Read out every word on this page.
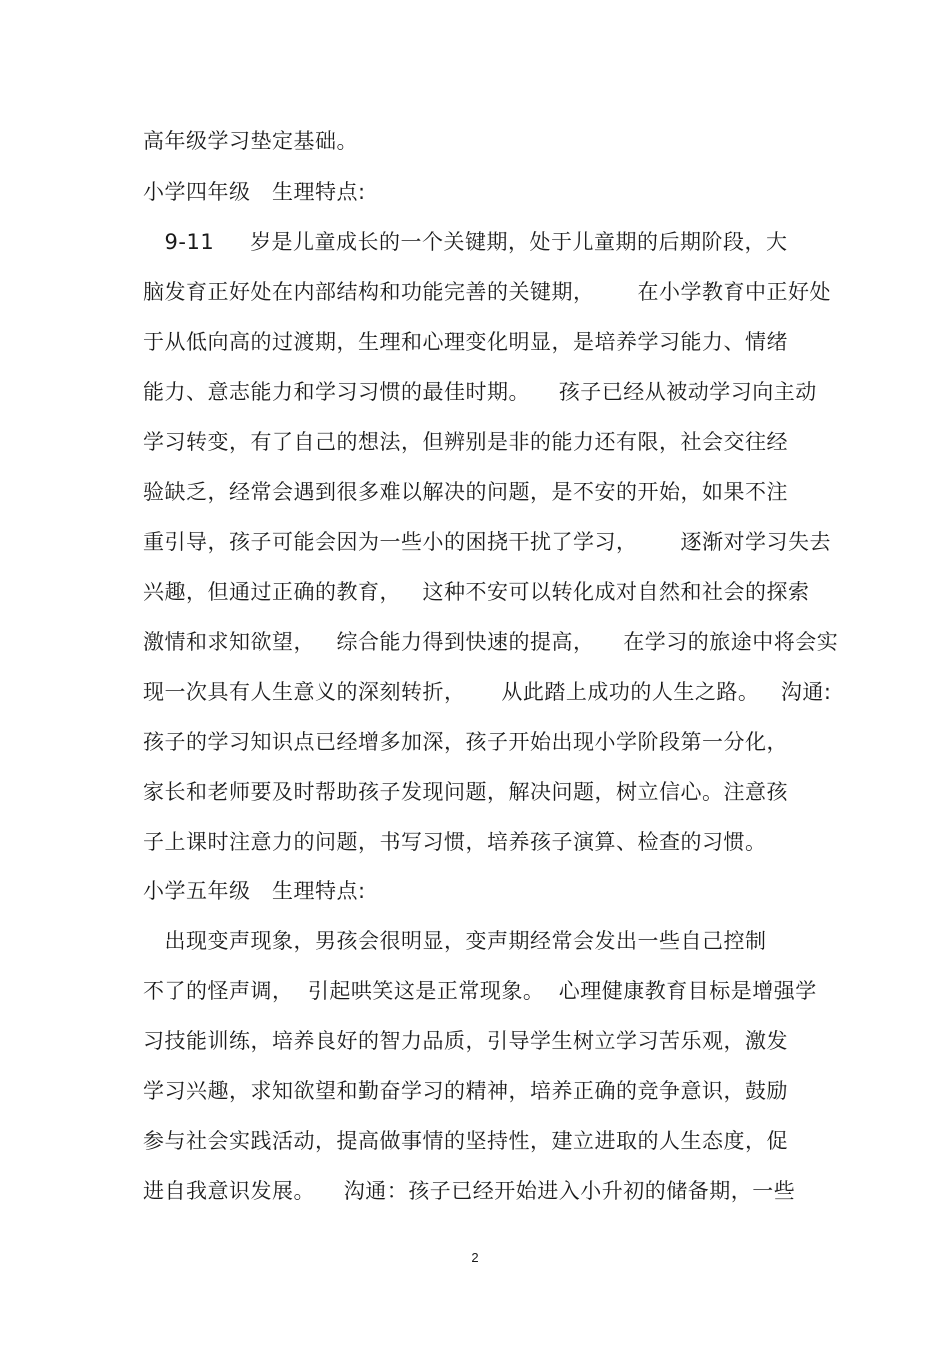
高年级学习垫定基础。
小学四年级   生理特点:
9-11     岁是儿童成长的一个关键期，处于儿童期的后期阶段，大
脑发育正好处在内部结构和功能完善的关键期，      在小学教育中正好处
于从低向高的过渡期，生理和心理变化明显，是培养学习能力、情绪
能力、意志能力和学习习惯的最佳时期。    孩子已经从被动学习向主动
学习转变，有了自己的想法，但辨别是非的能力还有限，社会交往经
验缺乏，经常会遇到很多难以解决的问题，是不安的开始，如果不注
重引导，孩子可能会因为一些小的困挠干扰了学习，      逐渐对学习失去
兴趣，但通过正确的教育，   这种不安可以转化成对自然和社会的探索
激情和求知欲望，   综合能力得到快速的提高，    在学习的旅途中将会实
现一次具有人生意义的深刻转折，     从此踏上成功的人生之路。   沟通:
孩子的学习知识点已经增多加深，孩子开始出现小学阶段第一分化，
家长和老师要及时帮助孩子发现问题，解决问题，树立信心。注意孩
子上课时注意力的问题，书写习惯，培养孩子演算、检查的习惯。
小学五年级   生理特点:
出现变声现象，男孩会很明显，变声期经常会发出一些自己控制
不了的怪声调，  引起哄笑这是正常现象。  心理健康教育目标是增强学
习技能训练，培养良好的智力品质，引导学生树立学习苦乐观，激发
学习兴趣，求知欲望和勤奋学习的精神，培养正确的竞争意识，鼓励
参与社会实践活动，提高做事情的坚持性，建立进取的人生态度，促
进自我意识发展。    沟通：孩子已经开始进入小升初的储备期，一些
2
